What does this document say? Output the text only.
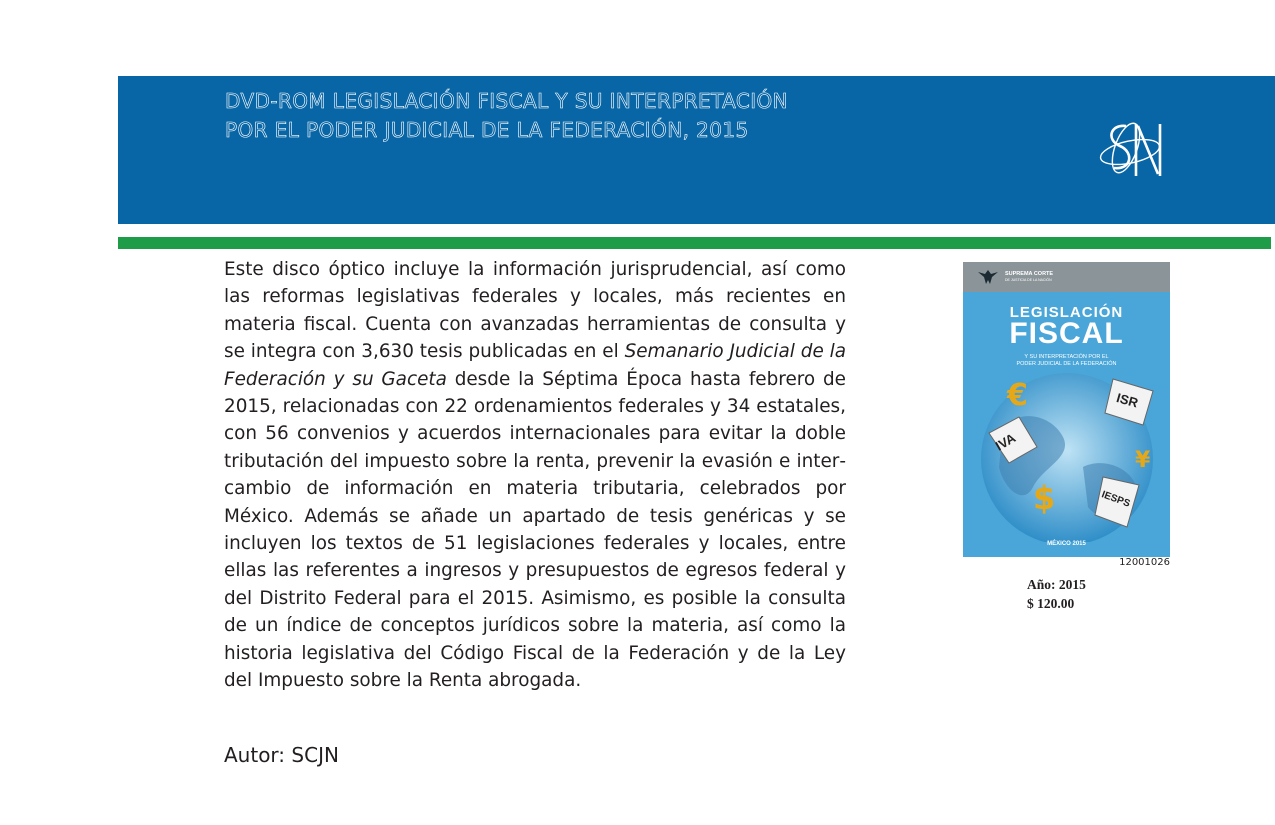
DVD-ROM LEGISLACIÓN FISCAL Y SU INTERPRETACIÓN
POR EL PODER JUDICIAL DE LA FEDERACIÓN, 2015
Este disco óptico incluye la información jurisprudencial, así como las reformas legislativas federales y locales, más recientes en materia fiscal. Cuenta con avanzadas herramientas de consulta y se integra con 3,630 tesis publicadas en el Semanario Judicial de la Federación y su Gaceta desde la Séptima Época hasta febrero de 2015, relacionadas con 22 ordenamientos federales y 34 estatales, con 56 convenios y acuerdos internacionales para evitar la doble tributación del impuesto sobre la renta, prevenir la evasión e intercambio de información en materia tributaria, celebrados por México. Además se añade un apartado de tesis genéricas y se incluyen los textos de 51 legislaciones federales y locales, entre ellas las referentes a ingresos y presupuestos de egresos federal y del Distrito Federal para el 2015. Asimismo, es posible la consulta de un índice de conceptos jurídicos sobre la materia, así como la historia legislativa del Código Fiscal de la Federación y de la Ley del Impuesto sobre la Renta abrogada.
Autor: SCJN
SUPREMA CORTE
DE JUSTICIA DE LA NACIÓN
LEGISLACIÓN
FISCAL
Y SU INTERPRETACIÓN POR EL
PODER JUDICIAL DE LA FEDERACIÓN
ISR
IVA
IESPS
€
¥
$
MÉXICO 2015
12001026
Año: 2015
$ 120.00
